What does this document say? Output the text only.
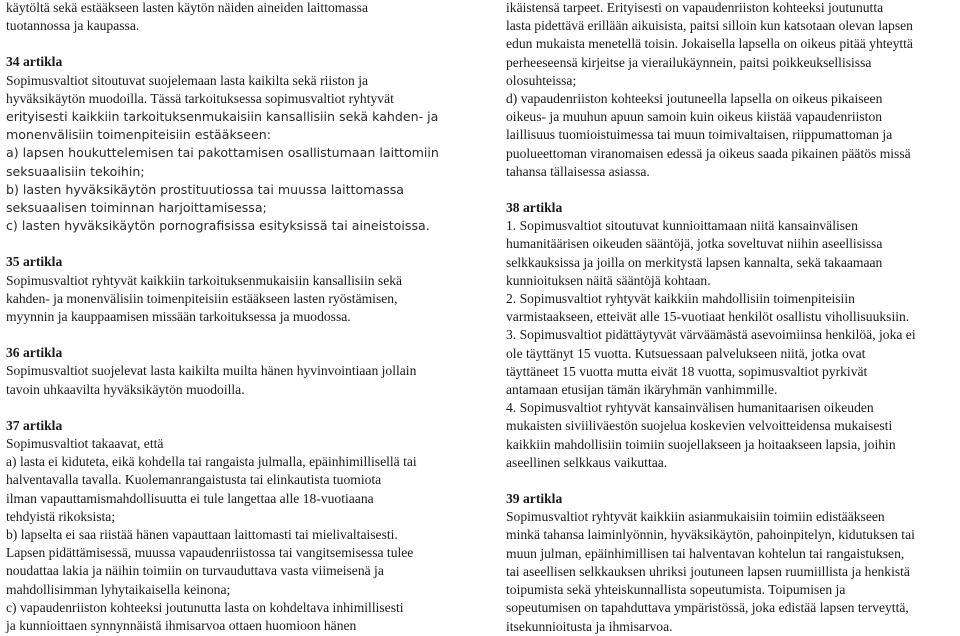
käytöltä sekä estääkseen lasten käytön näiden aineiden laittomassa
tuotannossa ja kaupassa.
34 artikla
Sopimusvaltiot sitoutuvat suojelemaan lasta kaikilta sekä riiston ja
hyväksikäytön muodoilla. Tässä tarkoituksessa sopimusvaltiot ryhtyvät
erityisesti kaikkiin tarkoituksenmukaisiin kansallisiin sekä kahden- ja
monenvälisiin toimenpiteisiin estääkseen:
a) lapsen houkuttelemisen tai pakottamisen osallistumaan laittomiin
seksuaalisiin tekoihin;
b) lasten hyväksikäytön prostituutiossa tai muussa laittomassa
seksuaalisen toiminnan harjoittamisessa;
c) lasten hyväksikäytön pornografisissa esityksissä tai aineistoissa.
35 artikla
Sopimusvaltiot ryhtyvät kaikkiin tarkoituksenmukaisiin kansallisiin sekä
kahden- ja monenvälisiin toimenpiteisiin estääkseen lasten ryöstämisen,
myynnin ja kauppaamisen missään tarkoituksessa ja muodossa.
36 artikla
Sopimusvaltiot suojelevat lasta kaikilta muilta hänen hyvinvointiaan jollain
tavoin uhkaavilta hyväksikäytön muodoilla.
37 artikla
Sopimusvaltiot takaavat, että
a) lasta ei kiduteta, eikä kohdella tai rangaista julmalla, epäinhimillisellä tai
halventavalla tavalla. Kuolemanrangaistusta tai elinkautista tuomiota
ilman vapauttamismahdollisuutta ei tule langettaa alle 18-vuotiaana
tehdyistä rikoksista;
b) lapselta ei saa riistää hänen vapauttaan laittomasti tai mielivaltaisesti.
Lapsen pidättämisessä, muussa vapaudenriistossa tai vangitsemisessa tulee
noudattaa lakia ja näihin toimiin on turvauduttava vasta viimeisenä ja
mahdollisimman lyhytaikaisella keinona;
c) vapaudenriiston kohteeksi joutunutta lasta on kohdeltava inhimillisesti
ja kunnioittaen synnynnäistä ihmisarvoa ottaen huomioon hänen
ikäistensä tarpeet. Erityisesti on vapaudenriiston kohteeksi joutunutta
lasta pidettävä erillään aikuisista, paitsi silloin kun katsotaan olevan lapsen
edun mukaista menetellä toisin. Jokaisella lapsella on oikeus pitää yhteyttä
perheeseensä kirjeitse ja vierailukäynnein, paitsi poikkeuksellisissa
olosuhteissa;
d) vapaudenriiston kohteeksi joutuneella lapsella on oikeus pikaiseen
oikeus- ja muuhun apuun samoin kuin oikeus kiistää vapaudenriiston
laillisuus tuomioistuimessa tai muun toimivaltaisen, riippumattoman ja
puolueettoman viranomaisen edessä ja oikeus saada pikainen päätös missä
tahansa tällaisessa asiassa.
38 artikla
1. Sopimusvaltiot sitoutuvat kunnioittamaan niitä kansainvälisen
humanitäärisen oikeuden sääntöjä, jotka soveltuvat niihin aseellisissa
selkkauksissa ja joilla on merkitystä lapsen kannalta, sekä takaamaan
kunnioituksen näitä sääntöjä kohtaan.
2. Sopimusvaltiot ryhtyvät kaikkiin mahdollisiin toimenpiteisiin
varmistaakseen, etteivät alle 15-vuotiaat henkilöt osallistu vihollisuuksiin.
3. Sopimusvaltiot pidättäytyvät värväämästä asevoimiinsa henkilöä, joka ei
ole täyttänyt 15 vuotta. Kutsuessaan palvelukseen niitä, jotka ovat
täyttäneet 15 vuotta mutta eivät 18 vuotta, sopimusvaltiot pyrkivät
antamaan etusijan tämän ikäryhmän vanhimmille.
4. Sopimusvaltiot ryhtyvät kansainvälisen humanitaarisen oikeuden
mukaisten siviiliväestön suojelua koskevien velvoitteidensa mukaisesti
kaikkiin mahdollisiin toimiin suojellakseen ja hoitaakseen lapsia, joihin
aseellinen selkkaus vaikuttaa.
39 artikla
Sopimusvaltiot ryhtyvät kaikkiin asianmukaisiin toimiin edistääkseen
minkä tahansa laiminlyönnin, hyväksikäytön, pahoinpitelyn, kidutuksen tai
muun julman, epäinhimillisen tai halventavan kohtelun tai rangaistuksen,
tai aseellisen selkkauksen uhriksi joutuneen lapsen ruumiillista ja henkistä
toipumista sekä yhteiskunnallista sopeutumista. Toipumisen ja
sopeutumisen on tapahduttava ympäristössä, joka edistää lapsen terveyttä,
itsekunnioitusta ja ihmisarvoa.
